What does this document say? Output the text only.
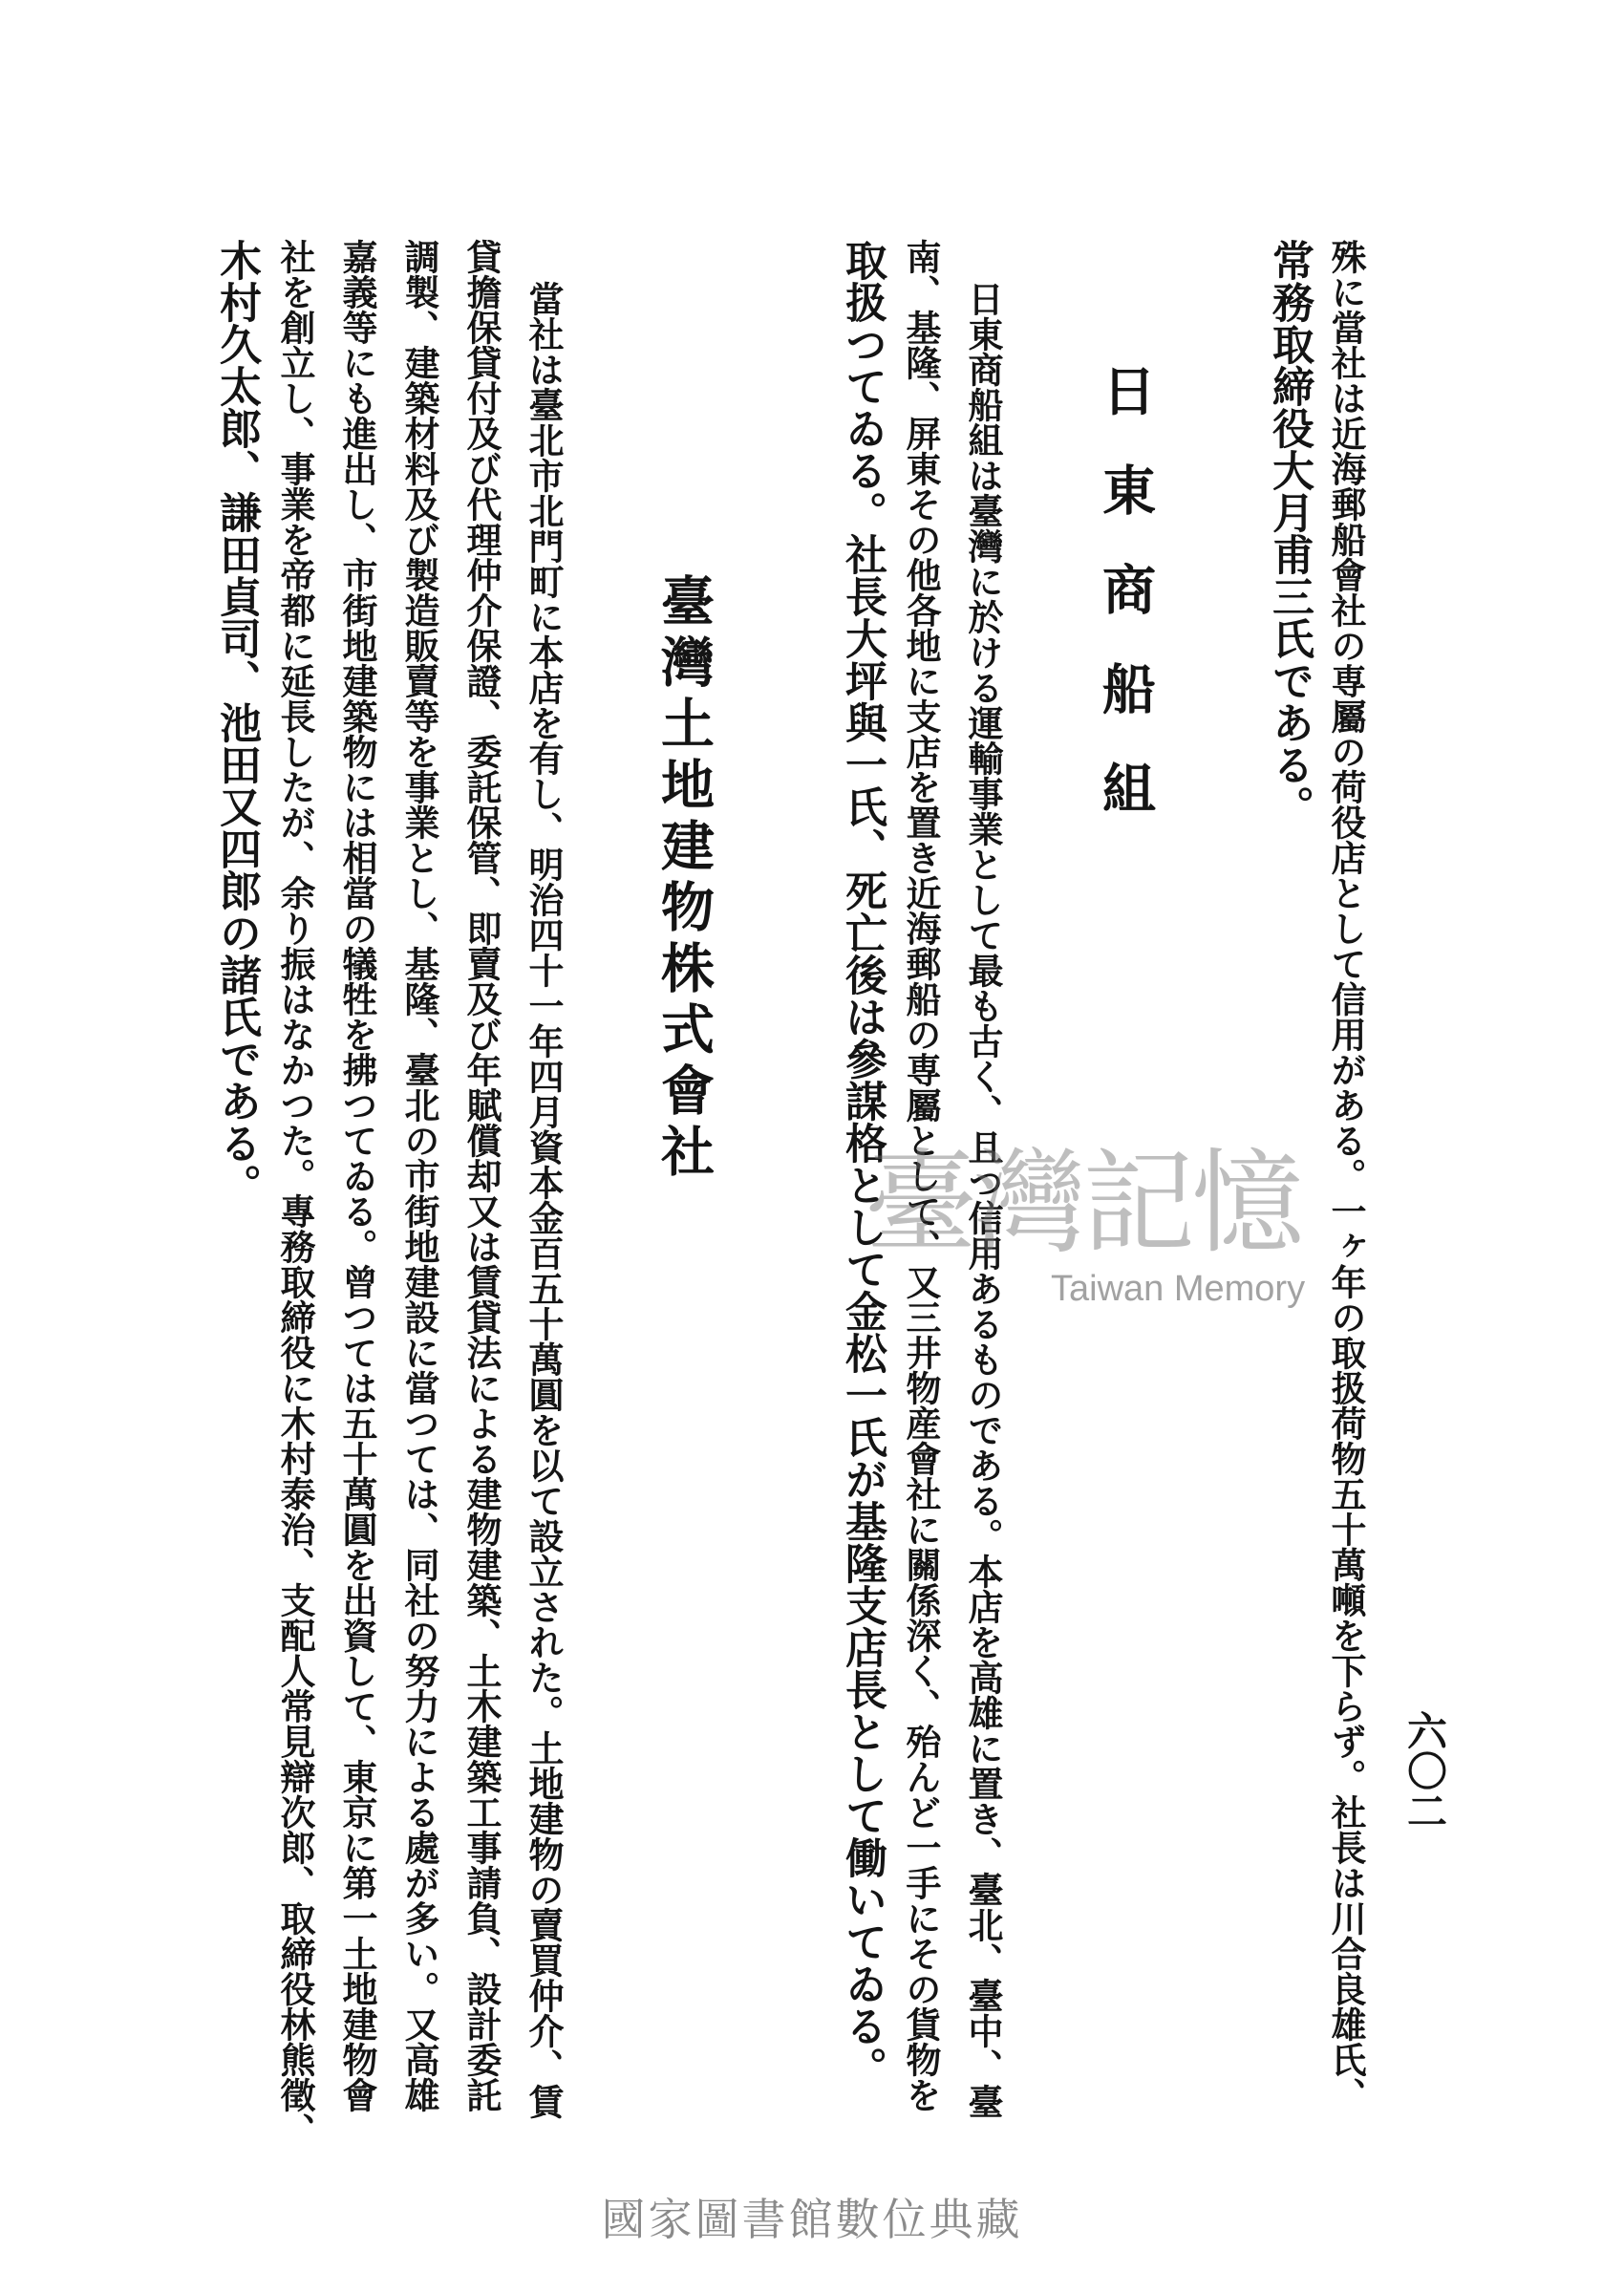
六〇二
殊に當社は近海郵船會社の専屬の荷役店として信用がある。一ヶ年の取扱荷物五十萬噸を下らず。社長は川合良雄氏、
常務取締役大月甫三氏である。
日東商船組
日東商船組は臺灣に於ける運輸事業として最も古く、且つ信用あるものである。本店を高雄に置き、臺北、臺中、臺
南、基隆、屏東その他各地に支店を置き近海郵船の専屬として、又三井物産會社に關係深く、殆んど一手にその貨物を
取扱つてゐる。社長大坪與一氏、死亡後は參謀格として金松一氏が基隆支店長として働いてゐる。
臺灣土地建物株式會社
當社は臺北市北門町に本店を有し、明治四十一年四月資本金百五十萬圓を以て設立された。土地建物の賣買仲介、賃
貸擔保貸付及び代理仲介保證、委託保管、即賣及び年賦償却又は賃貸法による建物建築、土木建築工事請負、設計委託
調製、建築材料及び製造販賣等を事業とし、基隆、臺北の市街地建設に當つては、同社の努力による處が多い。又高雄
嘉義等にも進出し、市街地建築物には相當の犠牲を拂つてゐる。曾つては五十萬圓を出資して、東京に第一土地建物會
社を創立し、事業を帝都に延長したが、余り振はなかつた。專務取締役に木村泰治、支配人常見辯次郎、取締役林熊徵、
木村久太郎、謙田貞司、池田又四郎の諸氏である。	臺灣記憶
Taiwan Memory
國家圖書館數位典藏
